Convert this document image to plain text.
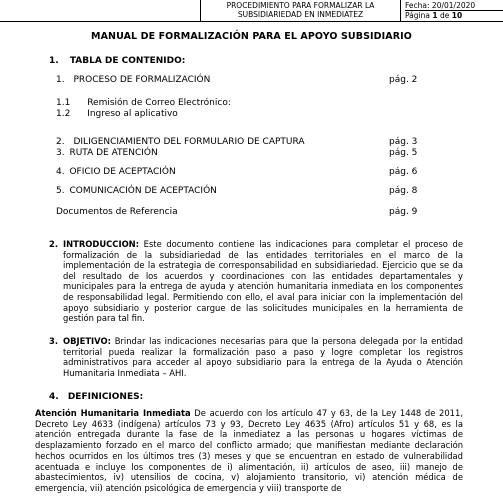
PROCEDIMIENTO PARA FORMALIZAR LA SUBSIDIARIEDAD EN INMEDIATEZ
Fecha: 20/01/2020
Página 1 de 10
MANUAL DE FORMALIZACIÓN PARA EL APOYO SUBSIDIARIO
1. TABLA DE CONTENIDO:
1. PROCESO DE FORMALIZACIÓN	pág. 2
1.1 Remisión de Correo Electrónico:
1.2 Ingreso al aplicativo
2. DILIGENCIAMIENTO DEL FORMULARIO DE CAPTURA	pág. 3
3. RUTA DE ATENCIÓN	pág. 5
4. OFICIO DE ACEPTACIÓN	pág. 6
5. COMUNICACIÓN DE ACEPTACIÓN	pág. 8
Documentos de Referencia	pág. 9
2. INTRODUCCION: Este documento contiene las indicaciones para completar el proceso de formalización de la subsidiariedad de las entidades territoriales en el marco de la implementación de la estrategia de corresponsabilidad en subsidiariedad. Ejercicio que se da del resultado de los acuerdos y coordinaciones con las entidades departamentales y municipales para la entrega de ayuda y atención humanitaria inmediata en los componentes de responsabilidad legal. Permitiendo con ello, el aval para iniciar con la implementación del apoyo subsidiario y posterior cargue de las solicitudes municipales en la herramienta de gestión para tal fin.
3. OBJETIVO: Brindar las indicaciones necesarias para que la persona delegada por la entidad territorial pueda realizar la formalización paso a paso y logre completar los registros administrativos para acceder al apoyo subsidiario para la entrega de la Ayuda o Atención Humanitaria Inmediata – AHI.
4. DEFINICIONES:
Atención Humanitaria Inmediata De acuerdo con los artículo 47 y 63, de la Ley 1448 de 2011, Decreto Ley 4633 (indígena) artículos 73 y 93, Decreto Ley 4635 (Afro) artículos 51 y 68, es la atención entregada durante la fase de la inmediatez a las personas u hogares víctimas de desplazamiento forzado en el marco del conflicto armado; que manifiestan mediante declaración hechos ocurridos en los últimos tres (3) meses y que se encuentran en estado de vulnerabilidad acentuada e incluye los componentes de i) alimentación, ii) artículos de aseo, iii) manejo de abastecimientos, iv) utensilios de cocina, v) alojamiento transitorio, vi) atención médica de emergencia, vii) atención psicológica de emergencia y viii) transporte de
